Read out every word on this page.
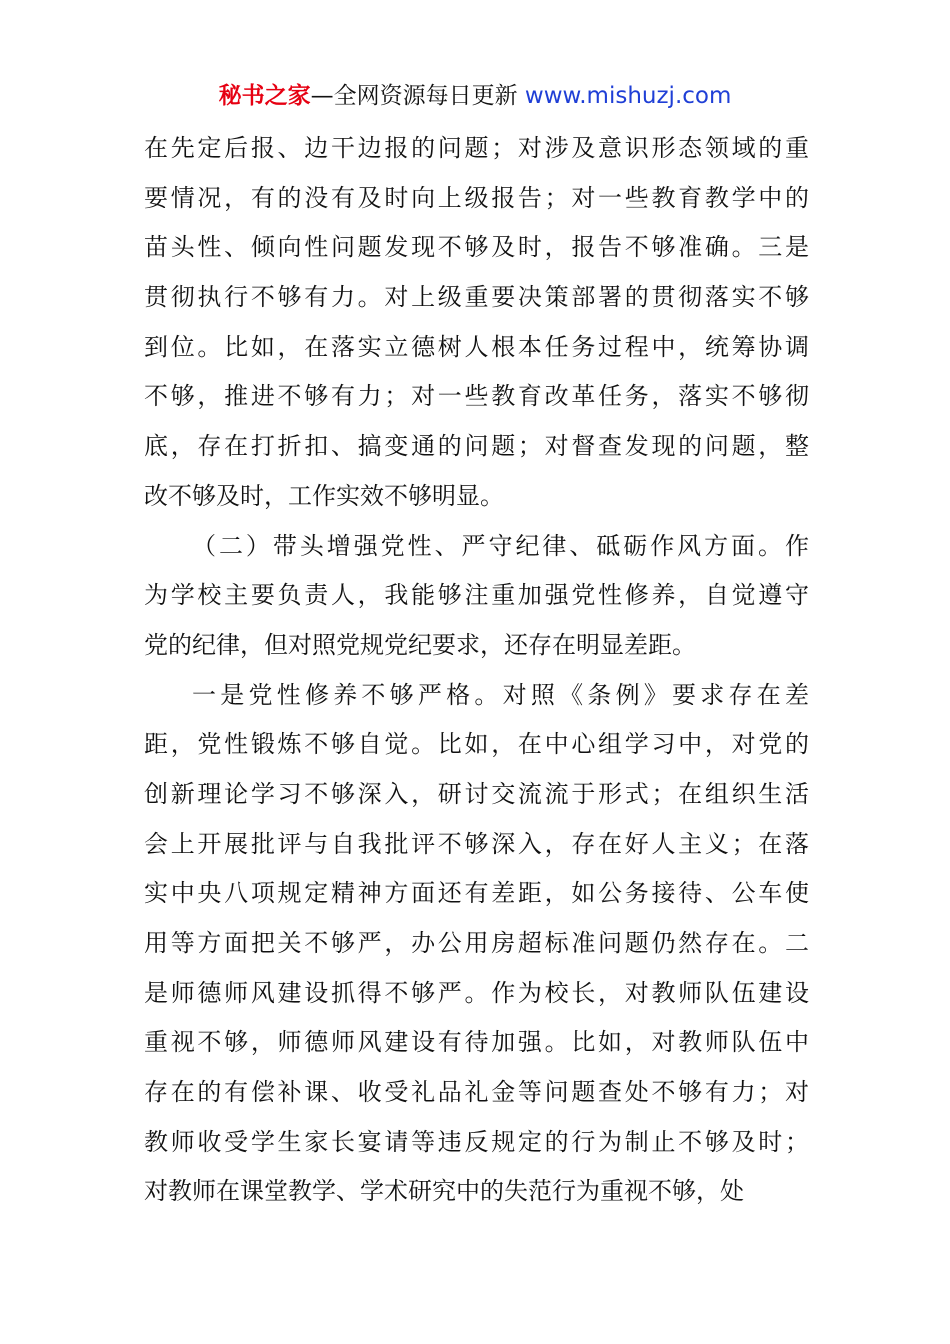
秘书之家—全网资源每日更新 www.mishuzj.com
在先定后报、边干边报的问题；对涉及意识形态领域的重
要情况，有的没有及时向上级报告；对一些教育教学中的
苗头性、倾向性问题发现不够及时，报告不够准确。三是
贯彻执行不够有力。对上级重要决策部署的贯彻落实不够
到位。比如，在落实立德树人根本任务过程中，统筹协调
不够，推进不够有力；对一些教育改革任务，落实不够彻
底，存在打折扣、搞变通的问题；对督查发现的问题，整
改不够及时，工作实效不够明显。
（二）带头增强党性、严守纪律、砥砺作风方面。作
为学校主要负责人，我能够注重加强党性修养，自觉遵守
党的纪律，但对照党规党纪要求，还存在明显差距。
一是党性修养不够严格。对照《条例》要求存在差
距，党性锻炼不够自觉。比如，在中心组学习中，对党的
创新理论学习不够深入，研讨交流流于形式；在组织生活
会上开展批评与自我批评不够深入，存在好人主义；在落
实中央八项规定精神方面还有差距，如公务接待、公车使
用等方面把关不够严，办公用房超标准问题仍然存在。二
是师德师风建设抓得不够严。作为校长，对教师队伍建设
重视不够，师德师风建设有待加强。比如，对教师队伍中
存在的有偿补课、收受礼品礼金等问题查处不够有力；对
教师收受学生家长宴请等违反规定的行为制止不够及时；
对教师在课堂教学、学术研究中的失范行为重视不够，处
